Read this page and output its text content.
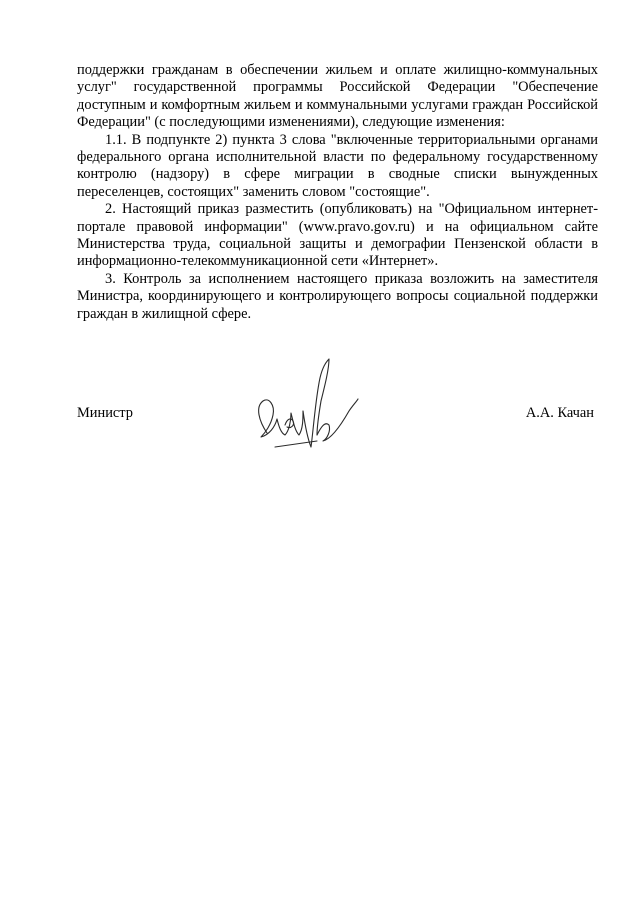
поддержки гражданам в обеспечении жильем и оплате жилищно-коммунальных услуг" государственной программы Российской Федерации "Обеспечение доступным и комфортным жильем и коммунальными услугами граждан Российской Федерации" (с последующими изменениями), следующие изменения:

1.1. В подпункте 2) пункта 3 слова "включенные территориальными органами федерального органа исполнительной власти по федеральному государственному контролю (надзору) в сфере миграции в сводные списки вынужденных переселенцев, состоящих" заменить словом "состоящие".

2. Настоящий приказ разместить (опубликовать) на "Официальном интернет-портале правовой информации" (www.pravo.gov.ru) и на официальном сайте Министерства труда, социальной защиты и демографии Пензенской области в информационно-телекоммуникационной сети «Интернет».

3. Контроль за исполнением настоящего приказа возложить на заместителя Министра, координирующего и контролирующего вопросы социальной поддержки граждан в жилищной сфере.

Министр	А.А. Качан
